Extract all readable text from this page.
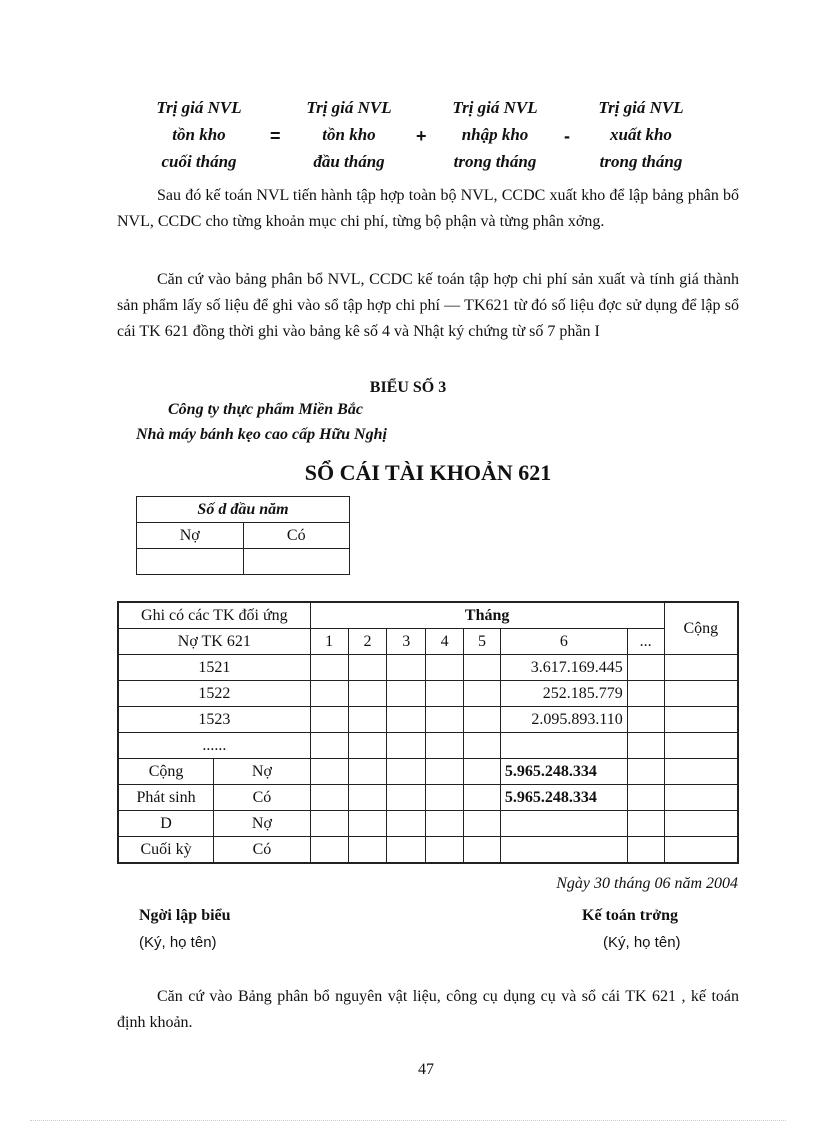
Trị giá NVL
tồn kho
cuối tháng
=
Trị giá NVL
tồn kho
đầu tháng
+
Trị giá NVL
nhập kho
trong tháng
-
Trị giá NVL
xuất kho
trong tháng
Sau đó kế toán NVL tiến hành tập hợp toàn bộ NVL, CCDC xuất kho để lập bảng phân bổ NVL, CCDC cho từng khoản mục chi phí, từng bộ phận và từng phân xởng.
Căn cứ vào bảng phân bổ NVL, CCDC kế toán tập hợp chi phí sản xuất và tính giá thành sản phẩm lấy số liệu để ghi vào sổ tập hợp chi phí — TK621 từ đó số liệu đợc sử dụng để lập sổ cái TK 621 đồng thời ghi vào bảng kê số 4 và Nhật ký chứng từ số 7 phần I
BIỂU SỐ 3
Công ty thực phẩm Miền Bắc
Nhà máy bánh kẹo cao cấp Hữu Nghị
SỔ CÁI TÀI KHOẢN 621
Số d đầu năm	
Nợ	Có

Ghi có các TK đối ứng		Tháng							Cộng
Nợ TK 621		1	2	3	4	5	6	...	
1521							3.617.169.445		
1522							252.185.779		
1523							2.095.893.110		
......									
Cộng	Nợ						5.965.248.334		
Phát sinh	Có						5.965.248.334		
D	Nợ								
Cuối kỳ	Có								
Ngày 30 tháng 06 năm 2004
Ngời lập biểu
(Ký, họ tên)
Kế toán trởng
(Ký, họ tên)
Căn cứ vào Bảng phân bổ nguyên vật liệu, công cụ dụng cụ và sổ cái TK 621 , kế toán định khoản.
47
